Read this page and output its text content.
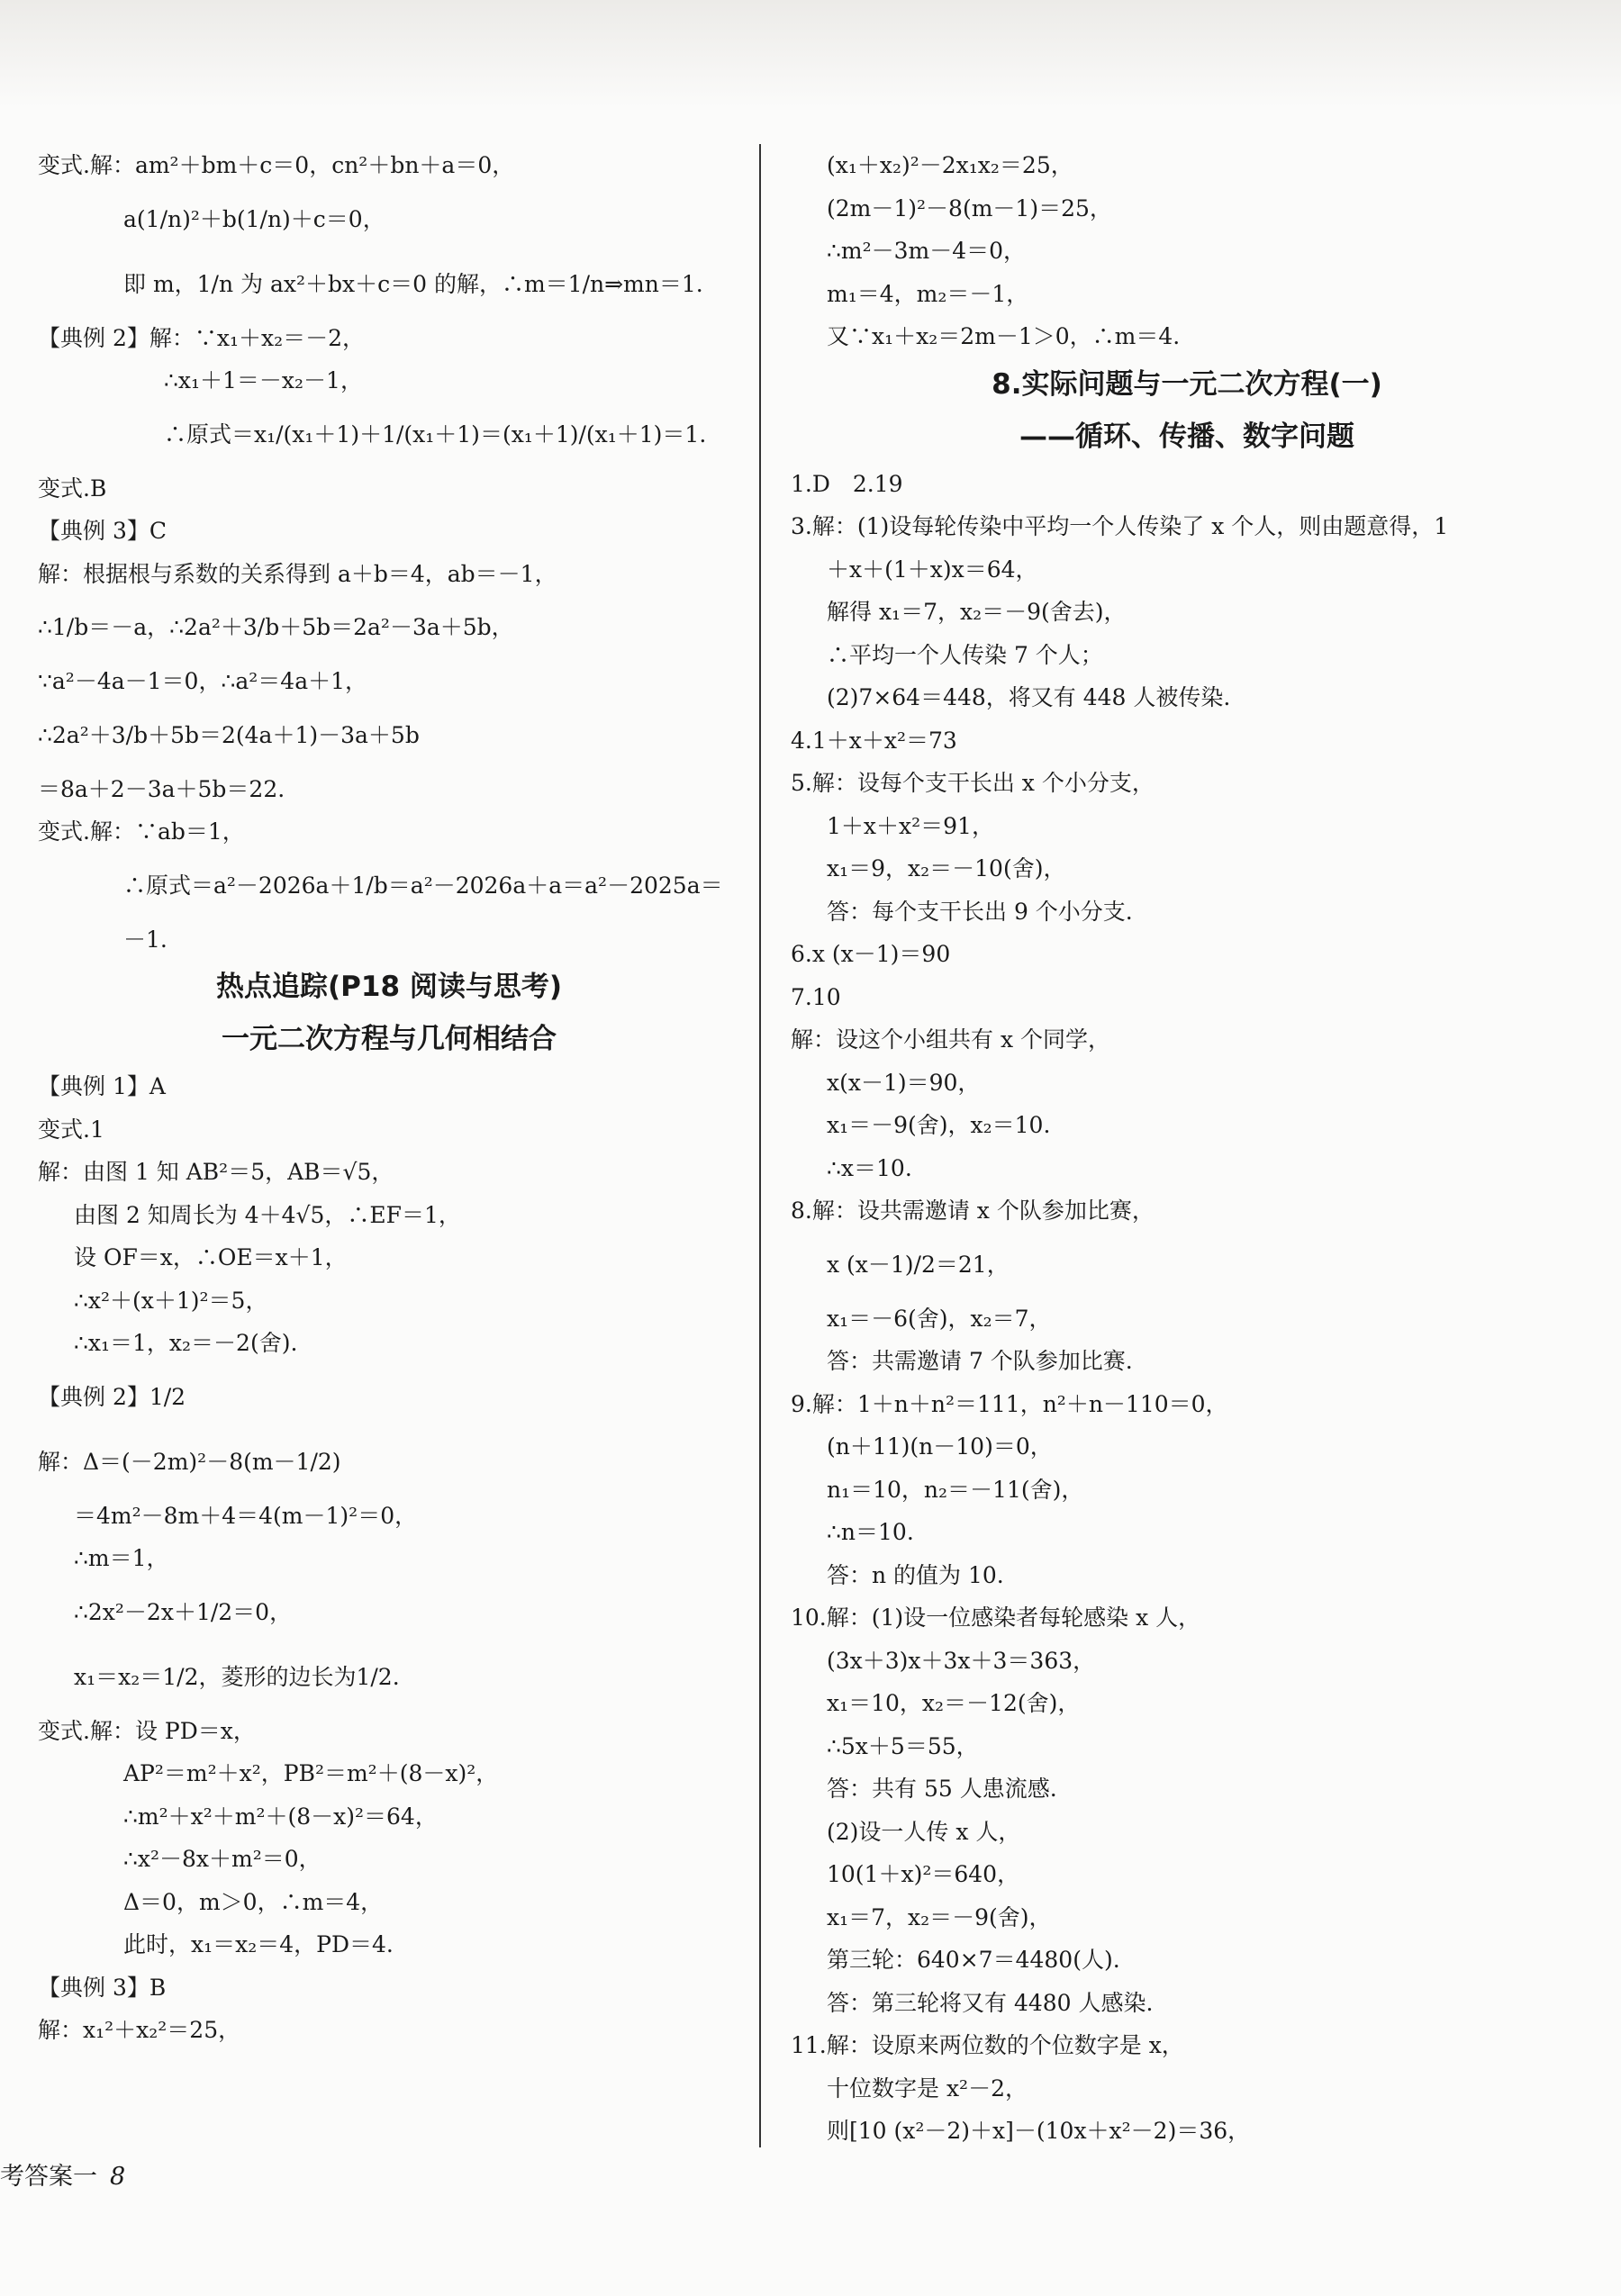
变式.解：am²＋bm＋c＝0，cn²＋bn＋a＝0，
a(1/n)²＋b(1/n)＋c＝0，
即 m，1/n 为 ax²＋bx＋c＝0 的解，∴m＝1/n⇒mn＝1.
【典例 2】解：∵x₁＋x₂＝－2，
∴x₁＋1＝－x₂－1，
∴原式＝x₁/(x₁＋1)＋1/(x₁＋1)＝(x₁＋1)/(x₁＋1)＝1.
变式.B
【典例 3】C
解：根据根与系数的关系得到 a＋b＝4，ab＝－1，
∴1/b＝－a，∴2a²＋3/b＋5b＝2a²－3a＋5b，
∵a²－4a－1＝0，∴a²＝4a＋1，
∴2a²＋3/b＋5b＝2(4a＋1)－3a＋5b
＝8a＋2－3a＋5b＝22.
变式.解：∵ab＝1，
∴原式＝a²－2026a＋1/b＝a²－2026a＋a＝a²－2025a＝
－1.
热点追踪(P18 阅读与思考)
一元二次方程与几何相结合
【典例 1】A
变式.1
解：由图 1 知 AB²＝5，AB＝√5，
由图 2 知周长为 4＋4√5，∴EF＝1，
设 OF＝x，∴OE＝x＋1，
∴x²＋(x＋1)²＝5，
∴x₁＝1，x₂＝－2(舍).
【典例 2】1/2
解：Δ＝(－2m)²－8(m－1/2)
＝4m²－8m＋4＝4(m－1)²＝0，
∴m＝1，
∴2x²－2x＋1/2＝0，
x₁＝x₂＝1/2，菱形的边长为1/2.
变式.解：设 PD＝x，
AP²＝m²＋x²，PB²＝m²＋(8－x)²，
∴m²＋x²＋m²＋(8－x)²＝64，
∴x²－8x＋m²＝0，
Δ＝0，m＞0，∴m＝4，
此时，x₁＝x₂＝4，PD＝4.
【典例 3】B
解：x₁²＋x₂²＝25，
(x₁＋x₂)²－2x₁x₂＝25，
(2m－1)²－8(m－1)＝25，
∴m²－3m－4＝0，
m₁＝4，m₂＝－1，
又∵x₁＋x₂＝2m－1＞0，∴m＝4.
8.实际问题与一元二次方程(一)
——循环、传播、数字问题
1.D　2.19
3.解：(1)设每轮传染中平均一个人传染了 x 个人，则由题意得，1
＋x＋(1＋x)x＝64，
解得 x₁＝7，x₂＝－9(舍去)，
∴平均一个人传染 7 个人；
(2)7×64＝448，将又有 448 人被传染.
4.1＋x＋x²＝73
5.解：设每个支干长出 x 个小分支，
1＋x＋x²＝91，
x₁＝9，x₂＝－10(舍)，
答：每个支干长出 9 个小分支.
6.x (x－1)＝90
7.10
解：设这个小组共有 x 个同学，
x(x－1)＝90，
x₁＝－9(舍)，x₂＝10.
∴x＝10.
8.解：设共需邀请 x 个队参加比赛，
x (x－1)/2＝21，
x₁＝－6(舍)，x₂＝7，
答：共需邀请 7 个队参加比赛.
9.解：1＋n＋n²＝111，n²＋n－110＝0，
(n＋11)(n－10)＝0，
n₁＝10，n₂＝－11(舍)，
∴n＝10.
答：n 的值为 10.
10.解：(1)设一位感染者每轮感染 x 人，
(3x＋3)x＋3x＋3＝363，
x₁＝10，x₂＝－12(舍)，
∴5x＋5＝55，
答：共有 55 人患流感.
(2)设一人传 x 人，
10(1＋x)²＝640，
x₁＝7，x₂＝－9(舍)，
第三轮：640×7＝4480(人).
答：第三轮将又有 4480 人感染.
11.解：设原来两位数的个位数字是 x，
十位数字是 x²－2，
则[10 (x²－2)＋x]－(10x＋x²－2)＝36，
考答案一 8
